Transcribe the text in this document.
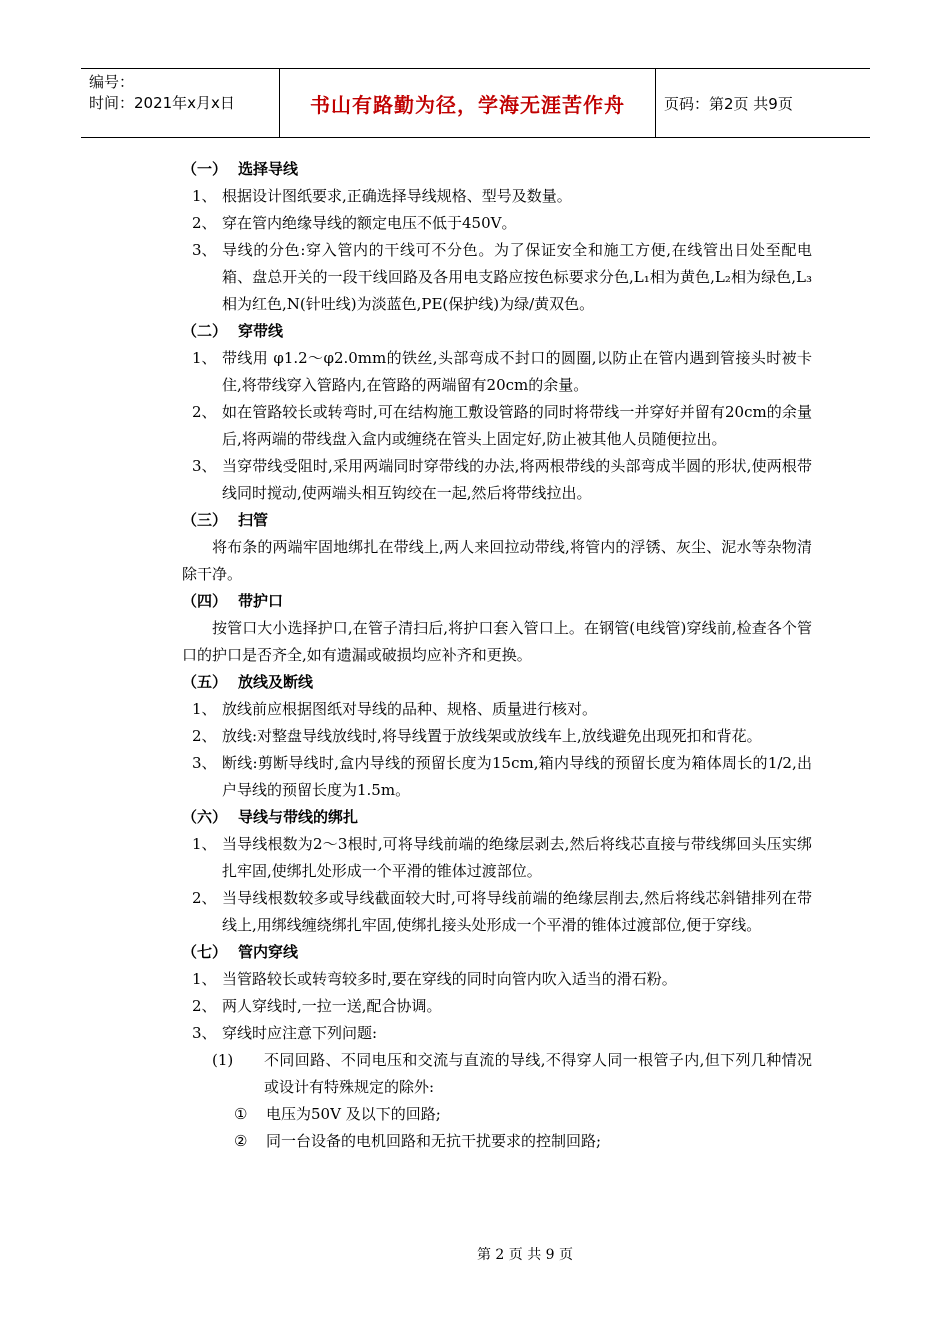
编号：
时间：2021年x月x日	书山有路勤为径，学海无涯苦作舟	页码：第2页 共9页
（一） 选择导线
1、 根据设计图纸要求,正确选择导线规格、型号及数量。
2、 穿在管内绝缘导线的额定电压不低于450V。
3、 导线的分色:穿入管内的干线可不分色。为了保证安全和施工方便,在线管出日处至配电箱、盘总开关的一段干线回路及各用电支路应按色标要求分色,L₁相为黄色,L₂相为绿色,L₃相为红色,N(针吐线)为淡蓝色,PE(保护线)为绿/黄双色。
（二） 穿带线
1、 带线用 φ1.2～φ2.0mm的铁丝,头部弯成不封口的圆圈,以防止在管内遇到管接头时被卡住,将带线穿入管路内,在管路的两端留有20cm的余量。
2、 如在管路较长或转弯时,可在结构施工敷设管路的同时将带线一并穿好并留有20cm的余量后,将两端的带线盘入盒内或缠绕在管头上固定好,防止被其他人员随便拉出。
3、 当穿带线受阻时,采用两端同时穿带线的办法,将两根带线的头部弯成半圆的形状,使两根带线同时搅动,使两端头相互钩绞在一起,然后将带线拉出。
（三） 扫管
将布条的两端牢固地绑扎在带线上,两人来回拉动带线,将管内的浮锈、灰尘、泥水等杂物清除干净。
（四） 带护口
按管口大小选择护口,在管子清扫后,将护口套入管口上。在钢管(电线管)穿线前,检查各个管口的护口是否齐全,如有遗漏或破损均应补齐和更换。
（五） 放线及断线
1、 放线前应根据图纸对导线的品种、规格、质量进行核对。
2、 放线:对整盘导线放线时,将导线置于放线架或放线车上,放线避免出现死扣和背花。
3、 断线:剪断导线时,盒内导线的预留长度为15cm,箱内导线的预留长度为箱体周长的1/2,出户导线的预留长度为1.5m。
（六） 导线与带线的绑扎
1、 当导线根数为2～3根时,可将导线前端的绝缘层剥去,然后将线芯直接与带线绑回头压实绑扎牢固,使绑扎处形成一个平滑的锥体过渡部位。
2、 当导线根数较多或导线截面较大时,可将导线前端的绝缘层削去,然后将线芯斜错排列在带线上,用绑线缠绕绑扎牢固,使绑扎接头处形成一个平滑的锥体过渡部位,便于穿线。
（七） 管内穿线
1、 当管路较长或转弯较多时,要在穿线的同时向管内吹入适当的滑石粉。
2、 两人穿线时,一拉一送,配合协调。
3、 穿线时应注意下列问题:
(1)	不同回路、不同电压和交流与直流的导线,不得穿人同一根管子内,但下列几种情况或设计有特殊规定的除外:
①	电压为50V 及以下的回路;
②	同一台设备的电机回路和无抗干扰要求的控制回路;
第 2 页 共 9 页
